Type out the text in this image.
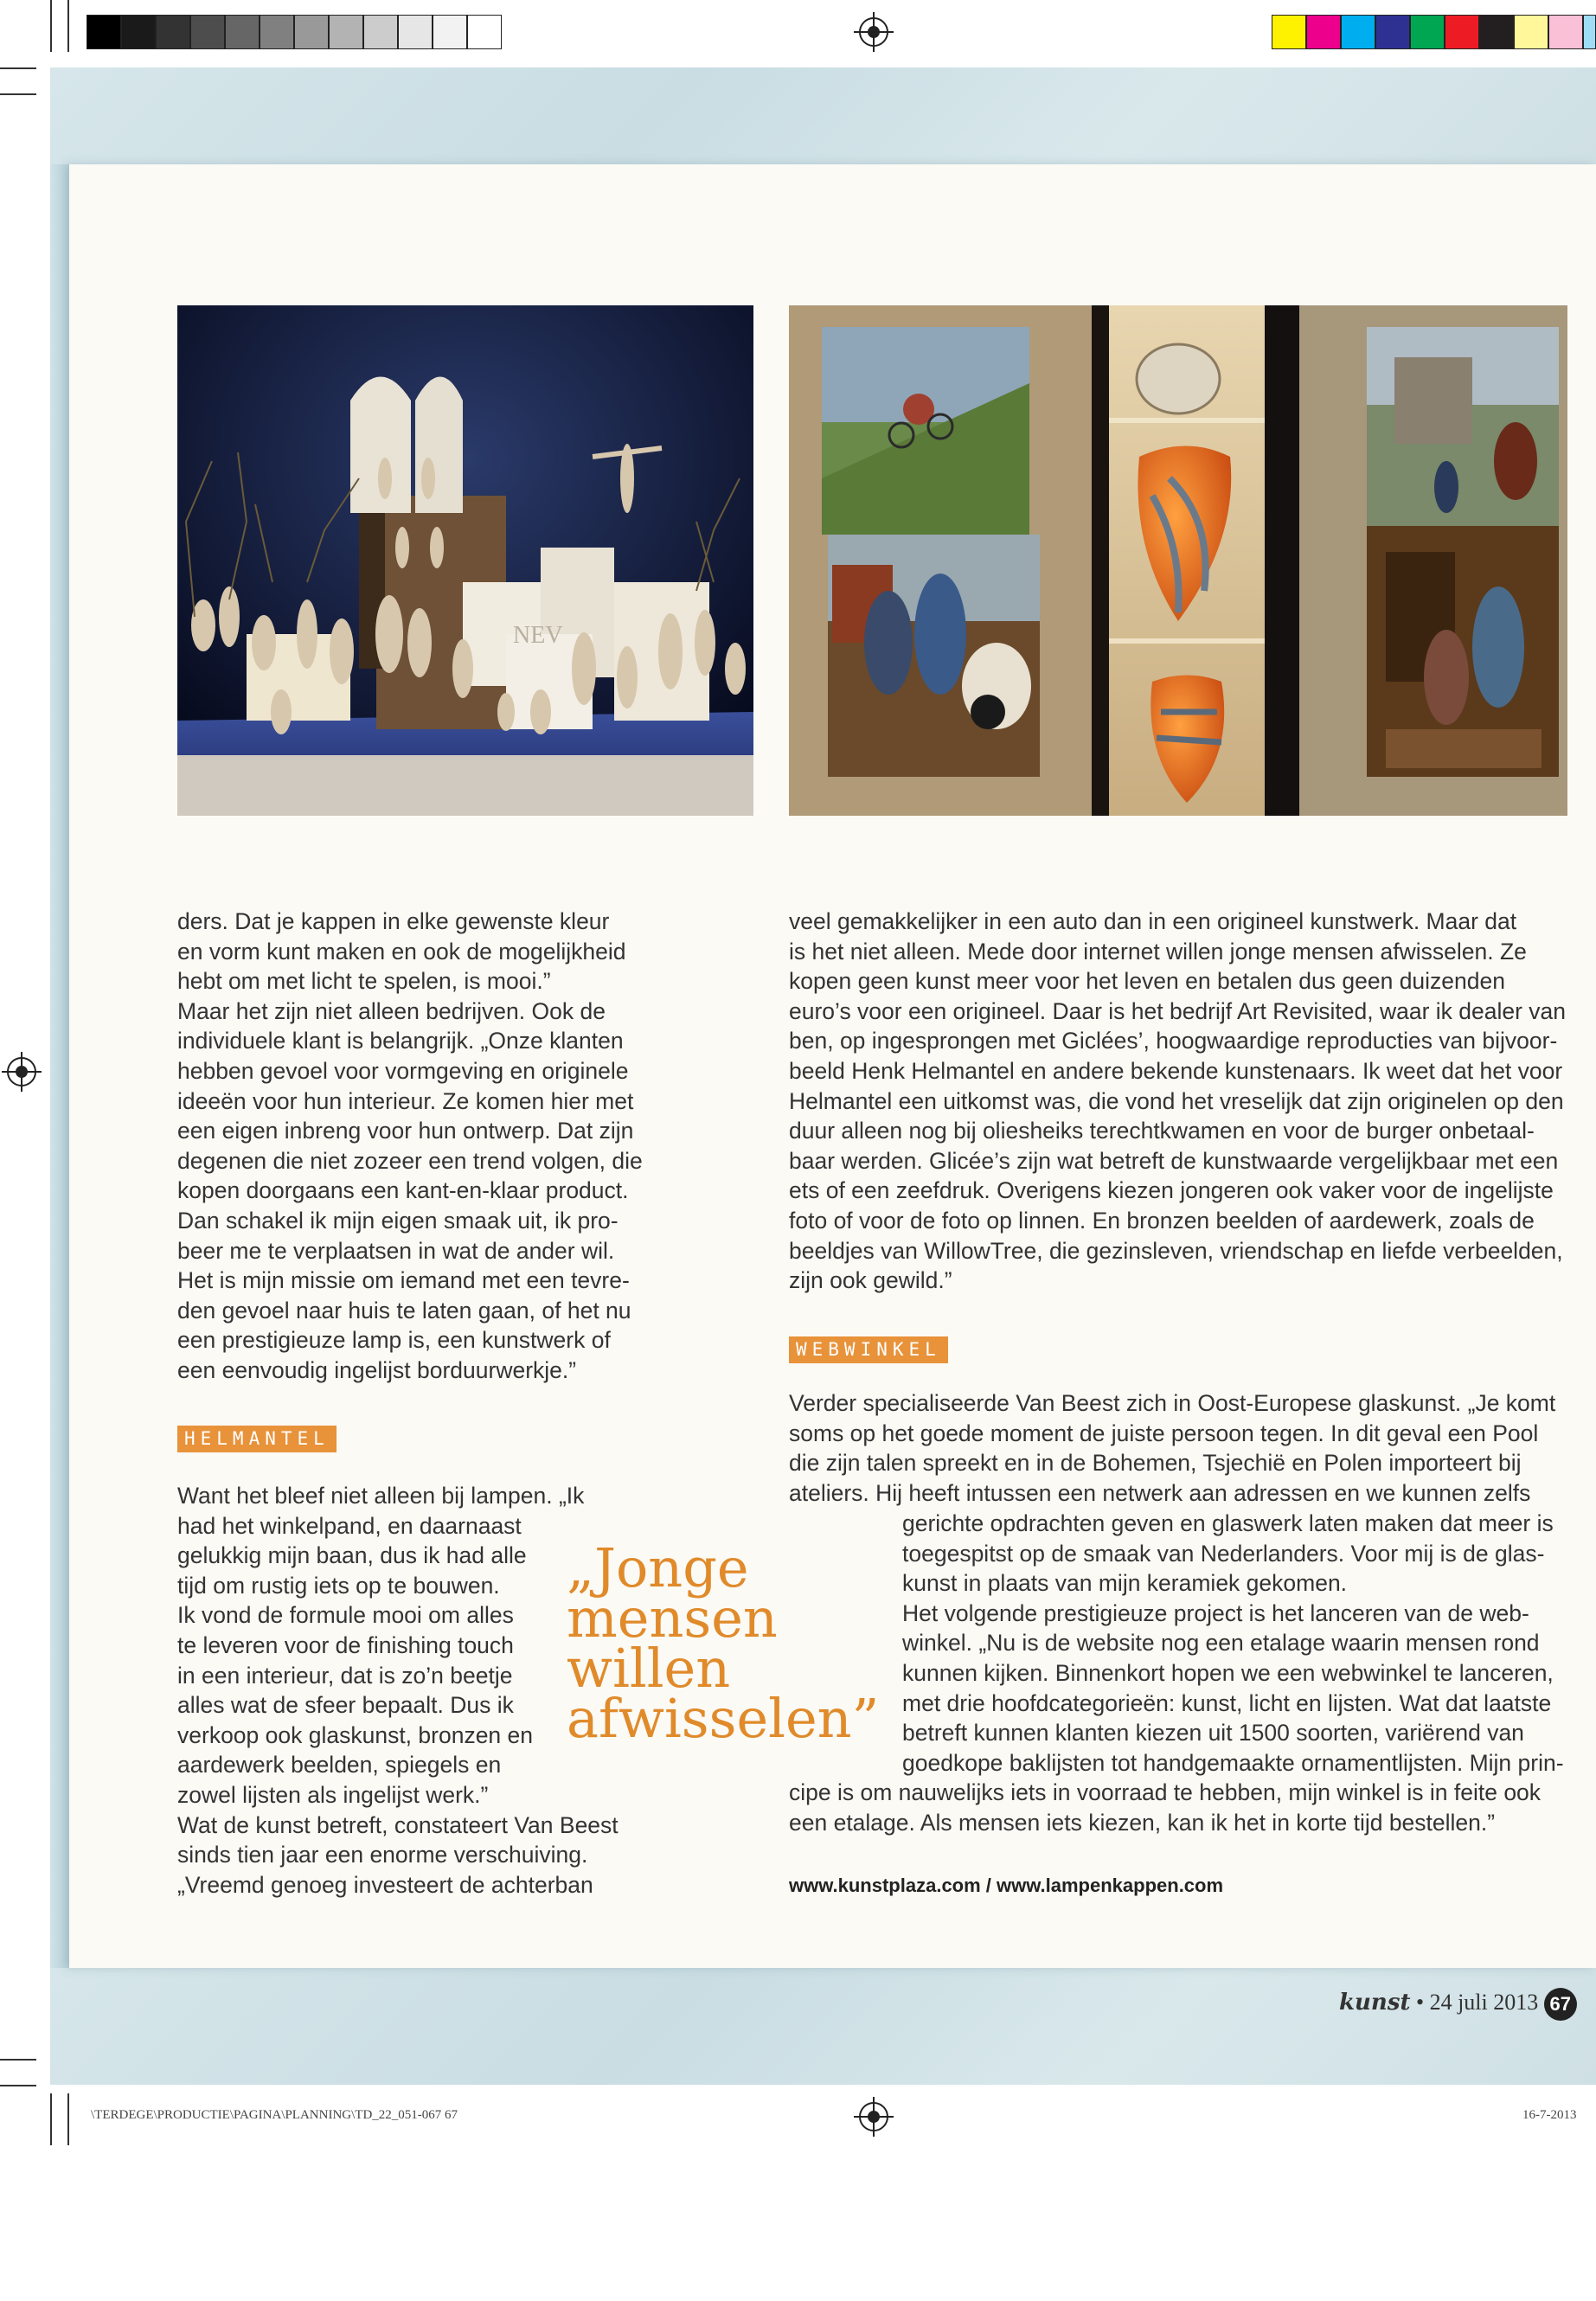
NEV

ders. Dat je kappen in elke gewenste kleur

en vorm kunt maken en ook de mogelijkheid

hebt om met licht te spelen, is mooi.”

Maar het zijn niet alleen bedrijven. Ook de

individuele klant is belangrijk. „Onze klanten

hebben gevoel voor vormgeving en originele

ideeën voor hun interieur. Ze komen hier met

een eigen inbreng voor hun ontwerp. Dat zijn

degenen die niet zozeer een trend volgen, die

kopen doorgaans een kant-en-klaar product.

Dan schakel ik mijn eigen smaak uit, ik pro-

beer me te verplaatsen in wat de ander wil.

Het is mijn missie om iemand met een tevre-

den gevoel naar huis te laten gaan, of het nu

een prestigieuze lamp is, een kunstwerk of

een eenvoudig ingelijst borduurwerkje.”

HELMANTEL

Want het bleef niet alleen bij lampen. „Ik

had het winkelpand, en daarnaast

gelukkig mijn baan, dus ik had alle

tijd om rustig iets op te bouwen.

Ik vond de formule mooi om alles

te leveren voor de finishing touch

in een interieur, dat is zo’n beetje

alles wat de sfeer bepaalt. Dus ik

verkoop ook glaskunst, bronzen en

aardewerk beelden, spiegels en

zowel lijsten als ingelijst werk.”

Wat de kunst betreft, constateert Van Beest

sinds tien jaar een enorme verschuiving.

„Vreemd genoeg investeert de achterban

„Jonge
mensen
willen
afwisselen”

veel gemakkelijker in een auto dan in een origineel kunstwerk. Maar dat

is het niet alleen. Mede door internet willen jonge mensen afwisselen. Ze

kopen geen kunst meer voor het leven en betalen dus geen duizenden

euro’s voor een origineel. Daar is het bedrijf Art Revisited, waar ik dealer van

ben, op ingesprongen met Giclées’, hoogwaardige reproducties van bijvoor-

beeld Henk Helmantel en andere bekende kunstenaars. Ik weet dat het voor

Helmantel een uitkomst was, die vond het vreselijk dat zijn originelen op den

duur alleen nog bij oliesheiks terechtkwamen en voor de burger onbetaal-

baar werden. Glicée’s zijn wat betreft de kunstwaarde vergelijkbaar met een

ets of een zeefdruk. Overigens kiezen jongeren ook vaker voor de ingelijste

foto of voor de foto op linnen. En bronzen beelden of aardewerk, zoals de

beeldjes van WillowTree, die gezinsleven, vriendschap en liefde verbeelden,

zijn ook gewild.”

WEBWINKEL

Verder specialiseerde Van Beest zich in Oost-Europese glaskunst. „Je komt

soms op het goede moment de juiste persoon tegen. In dit geval een Pool

die zijn talen spreekt en in de Bohemen, Tsjechië en Polen importeert bij

ateliers. Hij heeft intussen een netwerk aan adressen en we kunnen zelfs

gerichte opdrachten geven en glaswerk laten maken dat meer is

toegespitst op de smaak van Nederlanders. Voor mij is de glas-

kunst in plaats van mijn keramiek gekomen.

Het volgende prestigieuze project is het lanceren van de web-

winkel. „Nu is de website nog een etalage waarin mensen rond

kunnen kijken. Binnenkort hopen we een webwinkel te lanceren,

met drie hoofdcategorieën: kunst, licht en lijsten. Wat dat laatste

betreft kunnen klanten kiezen uit 1500 soorten, variërend van

goedkope baklijsten tot handgemaakte ornamentlijsten. Mijn prin-

cipe is om nauwelijks iets in voorraad te hebben, mijn winkel is in feite ook

een etalage. Als mensen iets kiezen, kan ik het in korte tijd bestellen.”

www.kunstplaza.com / www.lampenkappen.com
kunst • 24 juli 2013 67
\TERDEGE\PRODUCTIE\PAGINA\PLANNING\TD_22_051-067 67	16-7-2013
